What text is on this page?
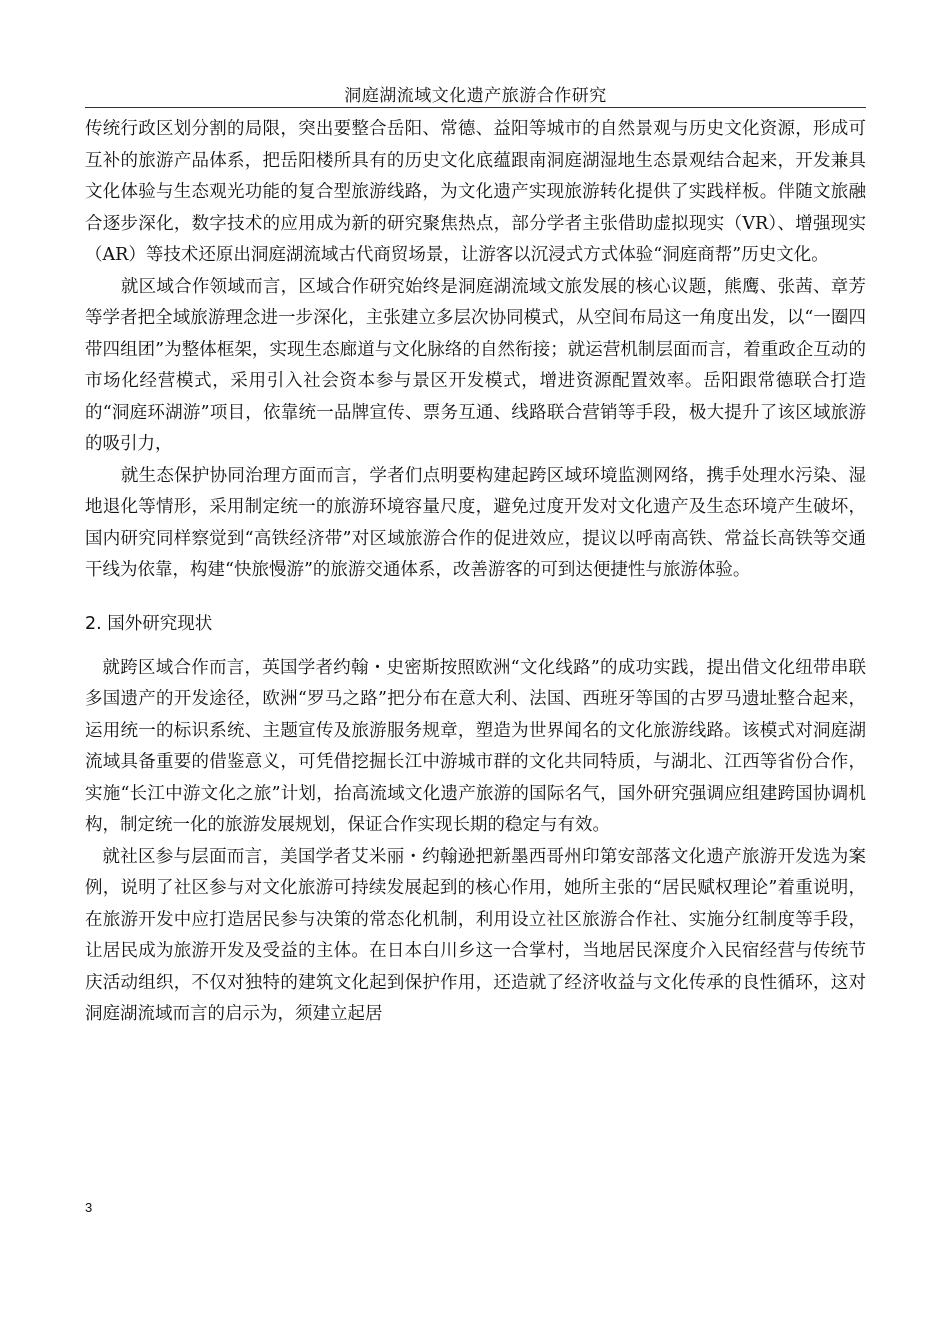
洞庭湖流域文化遗产旅游合作研究

传统行政区划分割的局限，突出要整合岳阳、常德、益阳等城市的自然景观与历史文化资源，形成可互补的旅游产品体系，把岳阳楼所具有的历史文化底蕴跟南洞庭湖湿地生态景观结合起来，开发兼具文化体验与生态观光功能的复合型旅游线路，为文化遗产实现旅游转化提供了实践样板。伴随文旅融合逐步深化，数字技术的应用成为新的研究聚焦热点，部分学者主张借助虚拟现实（VR）、增强现实（AR）等技术还原出洞庭湖流域古代商贸场景，让游客以沉浸式方式体验“洞庭商帮”历史文化。

就区域合作领域而言，区域合作研究始终是洞庭湖流域文旅发展的核心议题，熊鹰、张茜、章芳等学者把全域旅游理念进一步深化，主张建立多层次协同模式，从空间布局这一角度出发，以“一圈四带四组团”为整体框架，实现生态廊道与文化脉络的自然衔接；就运营机制层面而言，着重政企互动的市场化经营模式，采用引入社会资本参与景区开发模式，增进资源配置效率。岳阳跟常德联合打造的“洞庭环湖游”项目，依靠统一品牌宣传、票务互通、线路联合营销等手段，极大提升了该区域旅游的吸引力，

就生态保护协同治理方面而言，学者们点明要构建起跨区域环境监测网络，携手处理水污染、湿地退化等情形，采用制定统一的旅游环境容量尺度，避免过度开发对文化遗产及生态环境产生破坏，国内研究同样察觉到“高铁经济带”对区域旅游合作的促进效应，提议以呼南高铁、常益长高铁等交通干线为依靠，构建“快旅慢游”的旅游交通体系，改善游客的可到达便捷性与旅游体验。

2. 国外研究现状

就跨区域合作而言，英国学者约翰・史密斯按照欧洲“文化线路”的成功实践，提出借文化纽带串联多国遗产的开发途径，欧洲“罗马之路”把分布在意大利、法国、西班牙等国的古罗马遗址整合起来，运用统一的标识系统、主题宣传及旅游服务规章，塑造为世界闻名的文化旅游线路。该模式对洞庭湖流域具备重要的借鉴意义，可凭借挖掘长江中游城市群的文化共同特质，与湖北、江西等省份合作，实施“长江中游文化之旅”计划，抬高流域文化遗产旅游的国际名气，国外研究强调应组建跨国协调机构，制定统一化的旅游发展规划，保证合作实现长期的稳定与有效。

就社区参与层面而言，美国学者艾米丽・约翰逊把新墨西哥州印第安部落文化遗产旅游开发选为案例，说明了社区参与对文化旅游可持续发展起到的核心作用，她所主张的“居民赋权理论”着重说明，在旅游开发中应打造居民参与决策的常态化机制，利用设立社区旅游合作社、实施分红制度等手段，让居民成为旅游开发及受益的主体。在日本白川乡这一合掌村，当地居民深度介入民宿经营与传统节庆活动组织，不仅对独特的建筑文化起到保护作用，还造就了经济收益与文化传承的良性循环，这对洞庭湖流域而言的启示为，须建立起居

3
